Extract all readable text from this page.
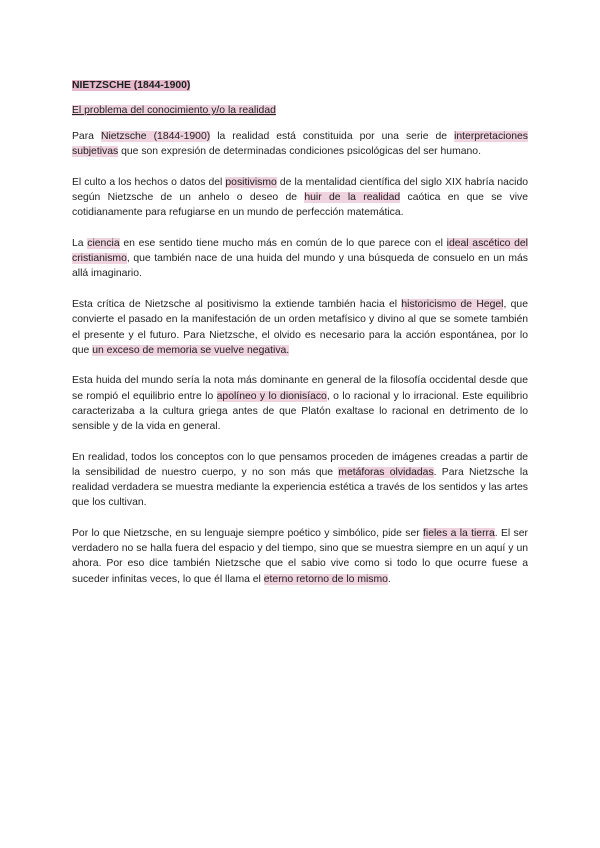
NIETZSCHE (1844-1900)
El problema del conocimiento y/o la realidad

Para Nietzsche (1844-1900) la realidad está constituida por una serie de interpretaciones subjetivas que son expresión de determinadas condiciones psicológicas del ser humano.

El culto a los hechos o datos del positivismo de la mentalidad científica del siglo XIX habría nacido según Nietzsche de un anhelo o deseo de huir de la realidad caótica en que se vive cotidianamente para refugiarse en un mundo de perfección matemática.

La ciencia en ese sentido tiene mucho más en común de lo que parece con el ideal ascético del cristianismo, que también nace de una huida del mundo y una búsqueda de consuelo en un más allá imaginario.

Esta crítica de Nietzsche al positivismo la extiende también hacia el historicismo de Hegel, que convierte el pasado en la manifestación de un orden metafísico y divino al que se somete también el presente y el futuro. Para Nietzsche, el olvido es necesario para la acción espontánea, por lo que un exceso de memoria se vuelve negativa.

Esta huida del mundo sería la nota más dominante en general de la filosofía occidental desde que se rompió el equilibrio entre lo apolíneo y lo dionisíaco, o lo racional y lo irracional. Este equilibrio caracterizaba a la cultura griega antes de que Platón exaltase lo racional en detrimento de lo sensible y de la vida en general.

En realidad, todos los conceptos con lo que pensamos proceden de imágenes creadas a partir de la sensibilidad de nuestro cuerpo, y no son más que metáforas olvidadas. Para Nietzsche la realidad verdadera se muestra mediante la experiencia estética a través de los sentidos y las artes que los cultivan.

Por lo que Nietzsche, en su lenguaje siempre poético y simbólico, pide ser fieles a la tierra. El ser verdadero no se halla fuera del espacio y del tiempo, sino que se muestra siempre en un aquí y un ahora. Por eso dice también Nietzsche que el sabio vive como si todo lo que ocurre fuese a suceder infinitas veces, lo que él llama el eterno retorno de lo mismo.
